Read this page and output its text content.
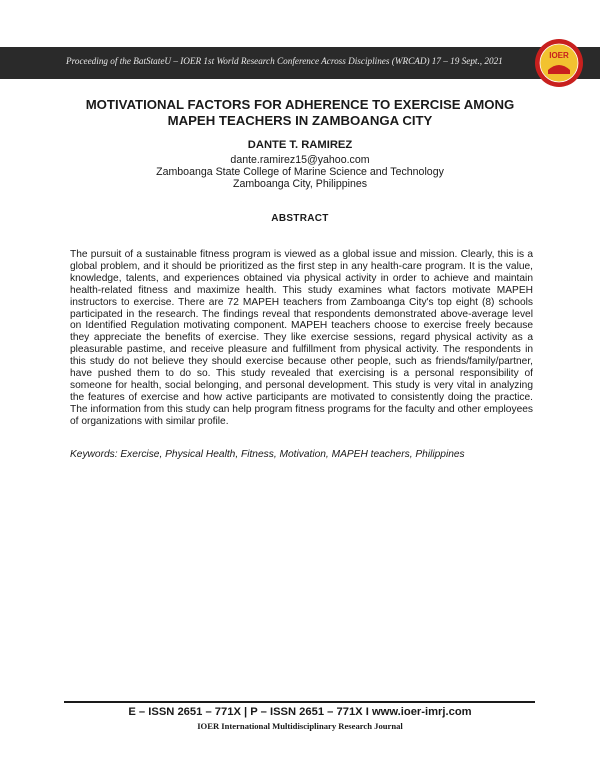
Proceeding of the BatStateU – IOER 1st World Research Conference Across Disciplines (WRCAD) 17 – 19 Sept., 2021
IOER
MOTIVATIONAL FACTORS FOR ADHERENCE TO EXERCISE AMONG
MAPEH TEACHERS IN ZAMBOANGA CITY
DANTE T. RAMIREZ
dante.ramirez15@yahoo.com
Zamboanga State College of Marine Science and Technology
Zamboanga City, Philippines
ABSTRACT
The pursuit of a sustainable fitness program is viewed as a global issue and mission. Clearly, this is a global problem, and it should be prioritized as the first step in any health-care program. It is the value, knowledge, talents, and experiences obtained via physical activity in order to achieve and maintain health-related fitness and maximize health. This study examines what factors motivate MAPEH instructors to exercise. There are 72 MAPEH teachers from Zamboanga City's top eight (8) schools participated in the research. The findings reveal that respondents demonstrated above-average level on Identified Regulation motivating component. MAPEH teachers choose to exercise freely because they appreciate the benefits of exercise. They like exercise sessions, regard physical activity as a pleasurable pastime, and receive pleasure and fulfillment from physical activity. The respondents in this study do not believe they should exercise because other people, such as friends/family/partner, have pushed them to do so. This study revealed that exercising is a personal responsibility of someone for health, social belonging, and personal development. This study is very vital in analyzing the features of exercise and how active participants are motivated to consistently doing the practice. The information from this study can help program fitness programs for the faculty and other employees of organizations with similar profile.
Keywords: Exercise, Physical Health, Fitness, Motivation, MAPEH teachers, Philippines
E – ISSN 2651 – 771X | P – ISSN 2651 – 771X I www.ioer-imrj.com
IOER International Multidisciplinary Research Journal
